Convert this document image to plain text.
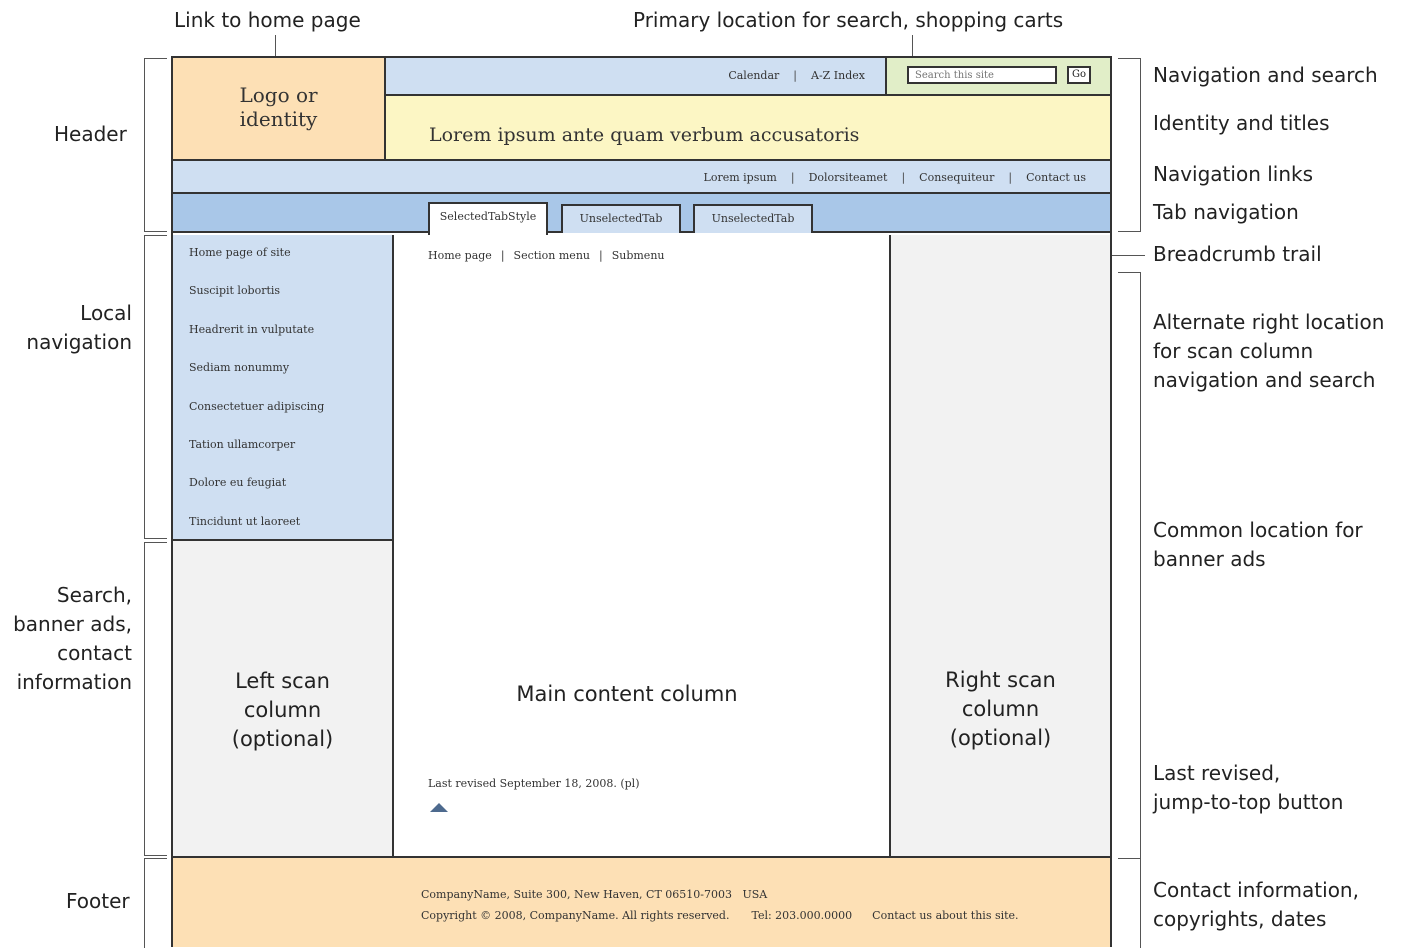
Link to home page	Primary location for search, shopping carts
Header
Local
navigation
Search,
banner ads,
contact
information
Footer
Navigation and search
Identity and titles
Navigation links
Tab navigation
Breadcrumb trail
Alternate right location
for scan column
navigation and search
Common location for
banner ads
Last revised,
jump-to-top button
Contact information,
copyrights, dates
Logo or
identity
Calendar | A-Z Index
Search this site	Go
Lorem ipsum ante quam verbum accusatoris
Lorem ipsum | Dolorsiteamet | Consequiteur | Contact us
SelectedTabStyle	UnselectedTab	UnselectedTab
Home page of site
Suscipit lobortis
Headrerit in vulputate
Sediam nonummy
Consectetuer adipiscing
Tation ullamcorper
Dolore eu feugiat
Tincidunt ut laoreet
Left scan
column
(optional)
Home page | Section menu | Submenu
Main content column
Last revised September 18, 2008. (pl)
Right scan
column
(optional)
CompanyName, Suite 300, New Haven, CT 06510-7003   USA
Copyright © 2008, CompanyName. All rights reserved. Tel: 203.000.0000 Contact us about this site.
